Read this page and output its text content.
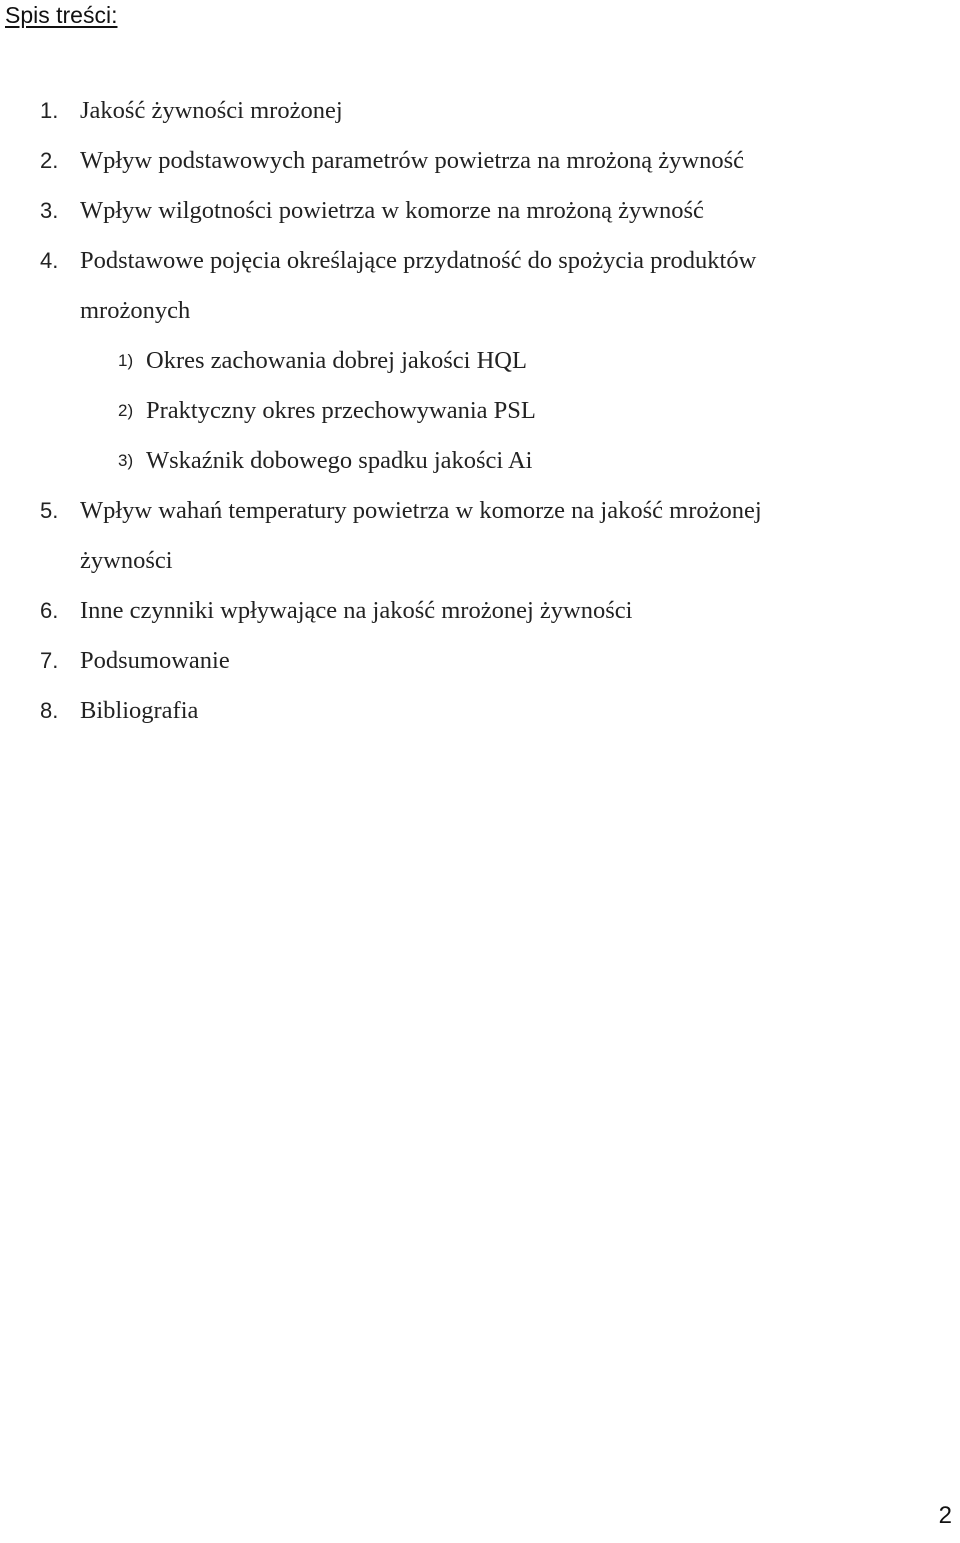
Spis treści:
1. Jakość żywności mrożonej
2. Wpływ podstawowych parametrów powietrza na mrożoną żywność
3. Wpływ wilgotności powietrza w komorze na mrożoną żywność
4. Podstawowe pojęcia określające przydatność do spożycia produktów
mrożonych
1) Okres zachowania dobrej jakości HQL
2) Praktyczny okres przechowywania PSL
3) Wskaźnik dobowego spadku jakości Ai
5. Wpływ wahań temperatury powietrza w komorze na jakość mrożonej
żywności
6. Inne czynniki wpływające na jakość mrożonej żywności
7. Podsumowanie
8. Bibliografia
2
